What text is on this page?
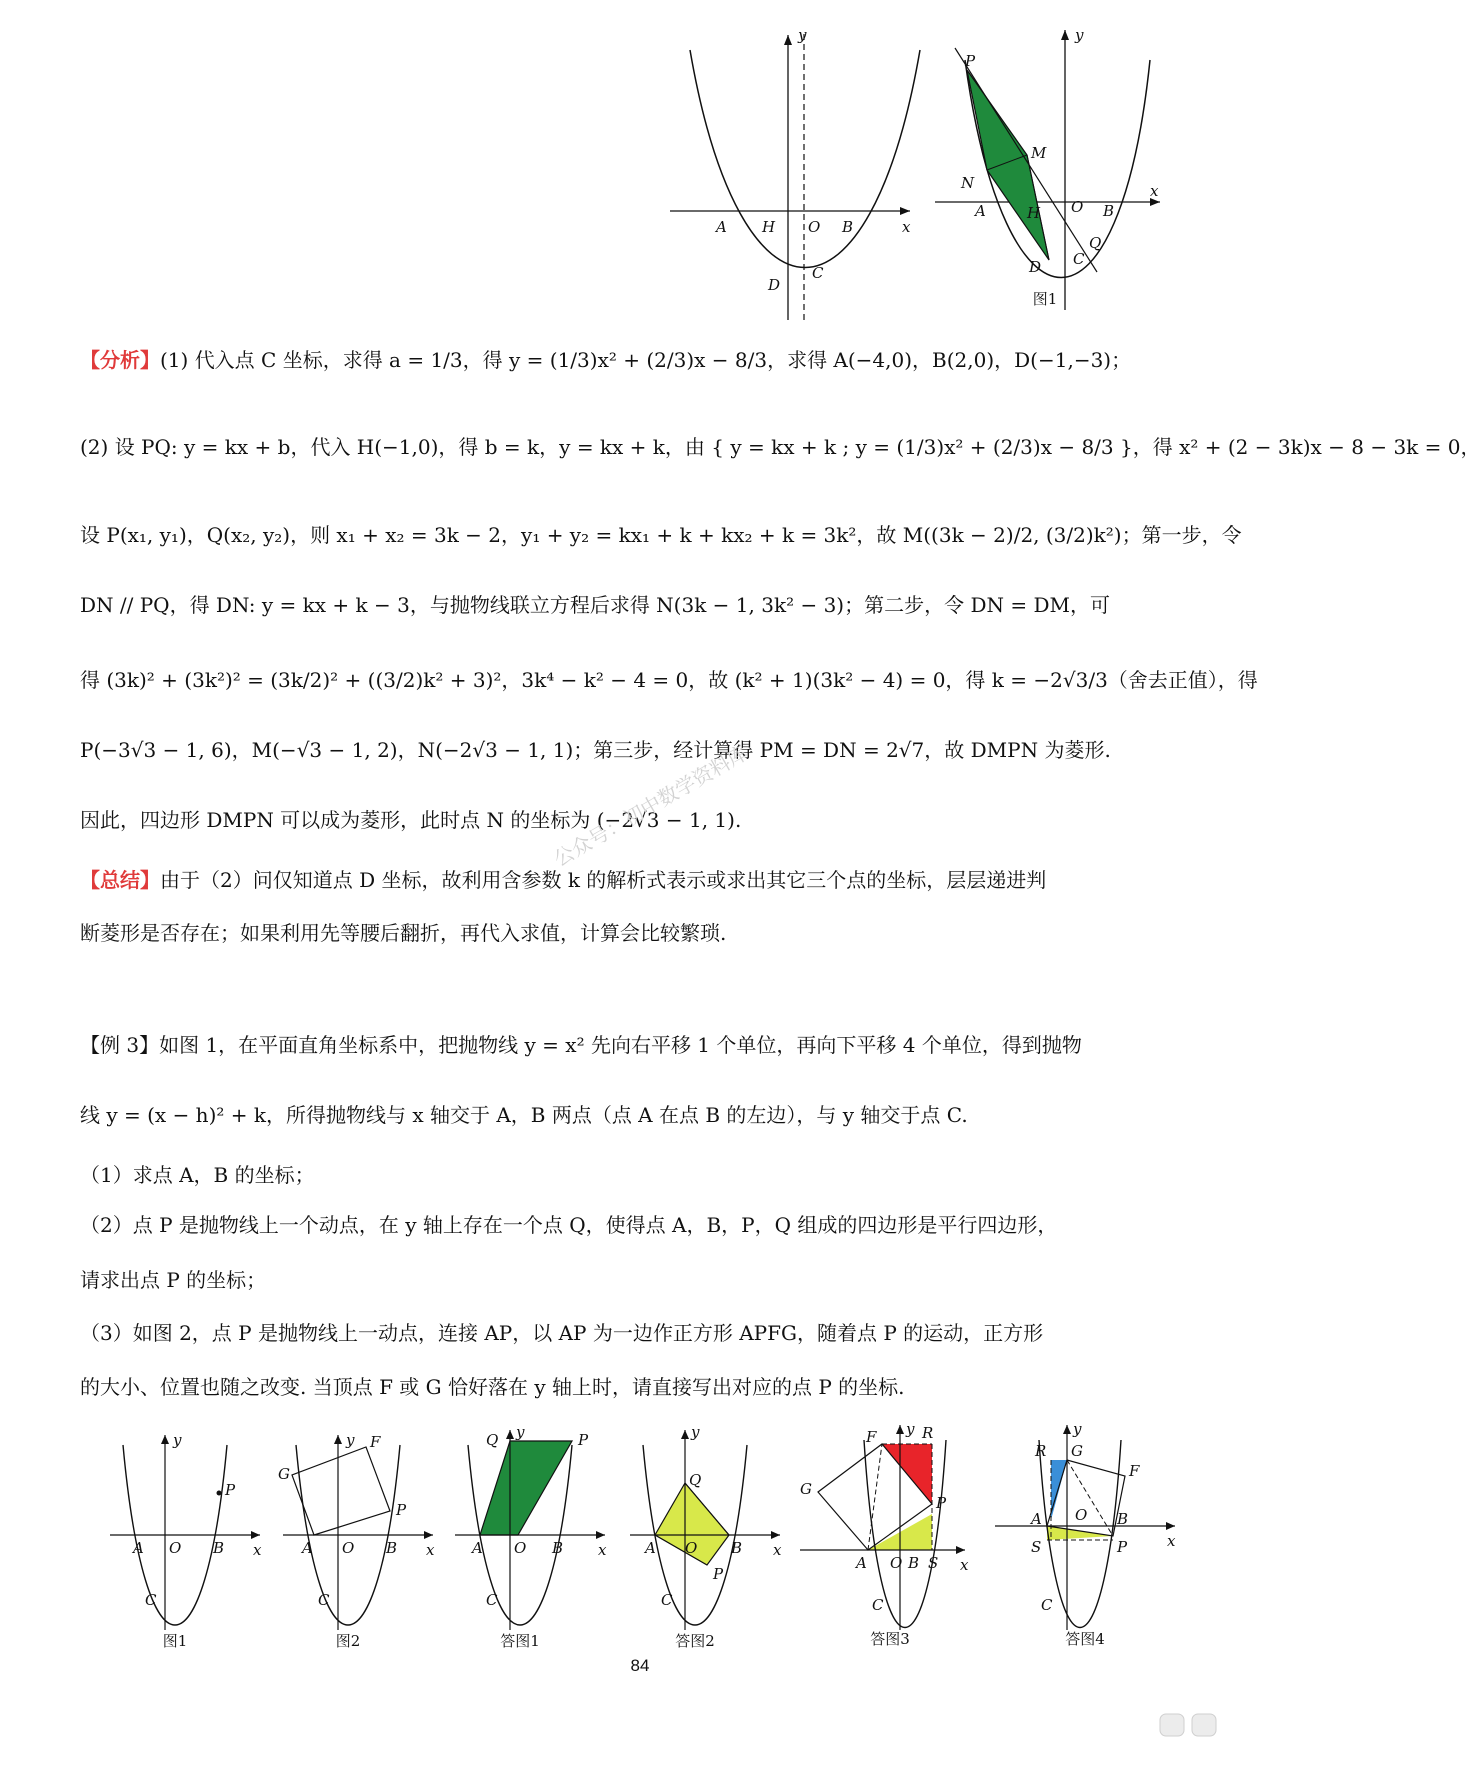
y
x
A H O B
D
C
y
x
P
M
N
A	H O B
Q
D C
图1
【分析】(1) 代入点 C 坐标，求得 a = 1/3，得 y = (1/3)x² + (2/3)x − 8/3，求得 A(−4,0)，B(2,0)，D(−1,−3)；
(2) 设 PQ: y = kx + b，代入 H(−1,0)，得 b = k，y = kx + k，由 { y = kx + k ; y = (1/3)x² + (2/3)x − 8/3 }，得 x² + (2 − 3k)x − 8 − 3k = 0，
设 P(x₁, y₁)，Q(x₂, y₂)，则 x₁ + x₂ = 3k − 2，y₁ + y₂ = kx₁ + k + kx₂ + k = 3k²，故 M((3k − 2)/2, (3/2)k²)；第一步，令
DN // PQ，得 DN: y = kx + k − 3，与抛物线联立方程后求得 N(3k − 1, 3k² − 3)；第二步，令 DN = DM，可
得 (3k)² + (3k²)² = (3k/2)² + ((3/2)k² + 3)²，3k⁴ − k² − 4 = 0，故 (k² + 1)(3k² − 4) = 0，得 k = −2√3/3（舍去正值），得
P(−3√3 − 1, 6)，M(−√3 − 1, 2)，N(−2√3 − 1, 1)；第三步，经计算得 PM = DN = 2√7，故 DMPN 为菱形.
因此，四边形 DMPN 可以成为菱形，此时点 N 的坐标为 (−2√3 − 1, 1).
【总结】由于（2）问仅知道点 D 坐标，故利用含参数 k 的解析式表示或求出其它三个点的坐标，层层递进判
断菱形是否存在；如果利用先等腰后翻折，再代入求值，计算会比较繁琐.
【例 3】如图 1，在平面直角坐标系中，把抛物线 y = x² 先向右平移 1 个单位，再向下平移 4 个单位，得到抛物
线 y = (x − h)² + k，所得抛物线与 x 轴交于 A，B 两点（点 A 在点 B 的左边），与 y 轴交于点 C.
（1）求点 A，B 的坐标；
（2）点 P 是抛物线上一个动点，在 y 轴上存在一个点 Q，使得点 A，B，P，Q 组成的四边形是平行四边形，
请求出点 P 的坐标；
（3）如图 2，点 P 是抛物线上一动点，连接 AP，以 AP 为一边作正方形 APFG，随着点 P 的运动，正方形
的大小、位置也随之改变. 当顶点 F 或 G 恰好落在 y 轴上时，请直接写出对应的点 P 的坐标.
y
x
A O B
C
P
图1
y
x
A O B
C
G
F
P
图2
y
x
A O B
C
Q	P
答图1
y
x
A O B
C
Q
P
答图2
y
x
A O B S
C
F	R
G
P
答图3
y
x
A O B
S	P
C
R G
F
答图4
84
公众号：初中数学资料库
